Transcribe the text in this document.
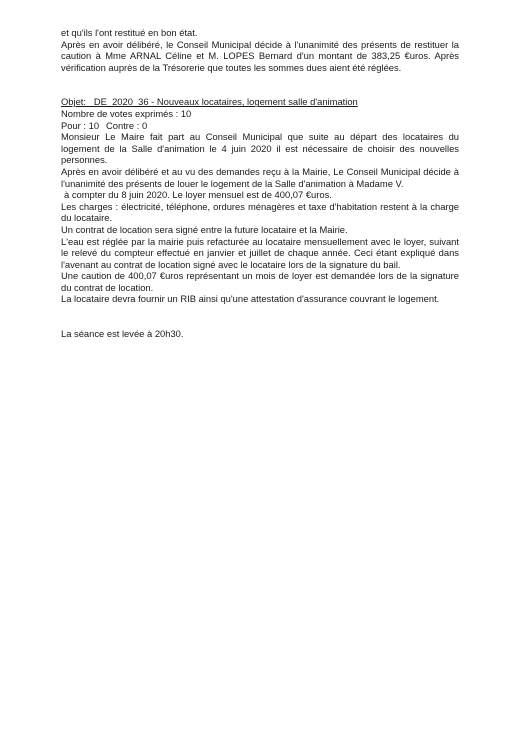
et qu'ils l'ont restitué en bon état.

Après en avoir délibéré, le Conseil Municipal décide à l'unanimité des présents de restituer la caution à Mme ARNAL Céline et M. LOPES Bernard d'un montant de 383,25 €uros. Après vérification auprès de la Trésorerie que toutes les sommes dues aient été réglées.

Objet: DE_2020_36 - Nouveaux locataires, logement salle d'animation

Nombre de votes exprimés : 10

Pour : 10 Contre : 0

Monsieur Le Maire fait part au Conseil Municipal que suite au départ des locataires du logement de la Salle d'animation le 4 juin 2020 il est nécessaire de choisir des nouvelles personnes.

Après en avoir délibéré et au vu des demandes reçu à la Mairie, Le Conseil Municipal décide à l'unanimité des présents de louer le logement de la Salle d'animation à Madame V.

à compter du 8 juin 2020. Le loyer mensuel est de 400,07 €uros.

Les charges : électricité, téléphone, ordures ménagères et taxe d'habitation restent à la charge du locataire.

Un contrat de location sera signé entre la future locataire et la Mairie.

L'eau est réglée par la mairie puis refacturée au locataire mensuellement avec le loyer, suivant le relevé du compteur effectué en janvier et juillet de chaque année. Ceci étant expliqué dans l'avenant au contrat de location signé avec le locataire lors de la signature du bail.

Une caution de 400,07 €uros représentant un mois de loyer est demandée lors de la signature du contrat de location.

La locataire devra fournir un RIB ainsi qu'une attestation d'assurance couvrant le logement.

La séance est levée à 20h30.
